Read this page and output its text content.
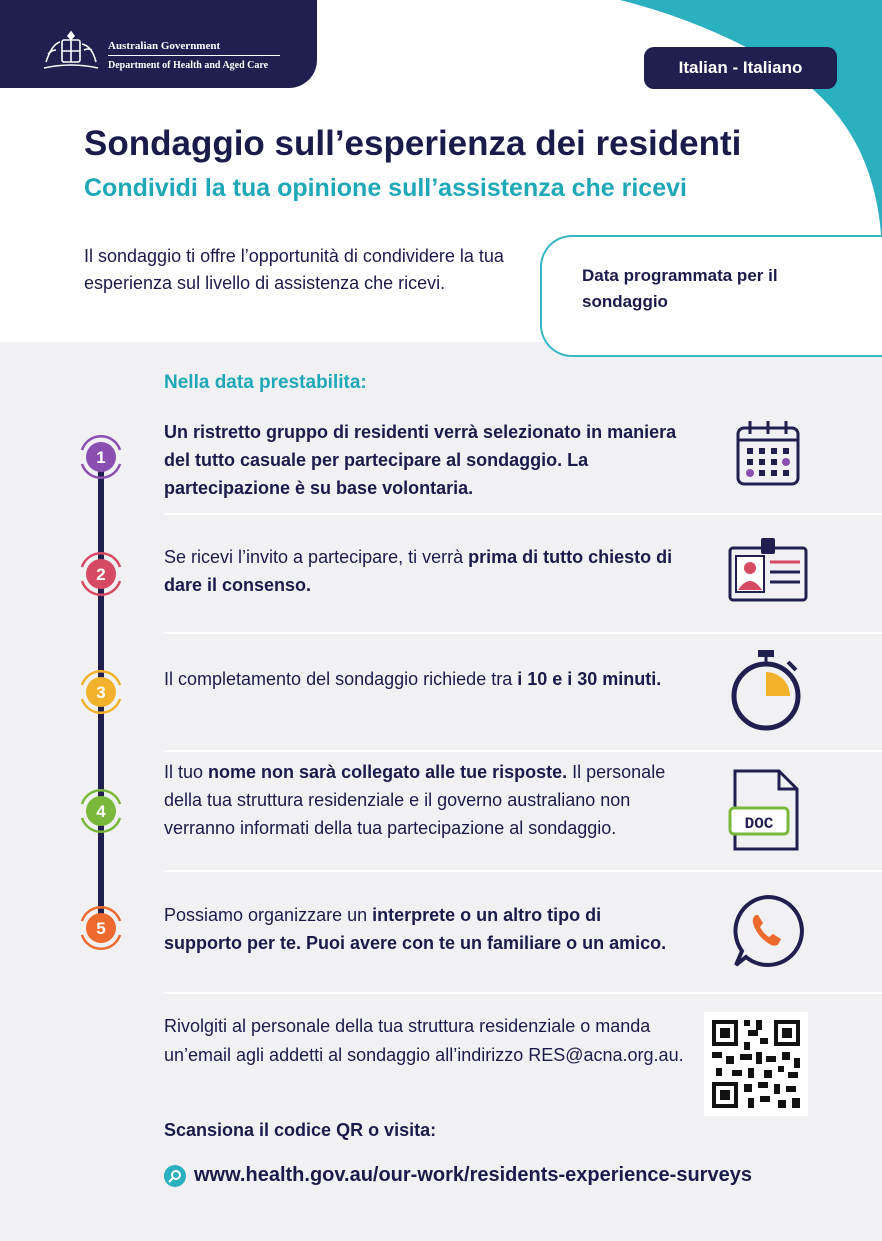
Australian Government
Department of Health and Aged Care	Italian - Italiano
Sondaggio sull’esperienza dei residenti
Condividi la tua opinione sull’assistenza che ricevi
Il sondaggio ti offre l’opportunità di condividere la tua esperienza sul livello di assistenza che ricevi.	Data programmata per il sondaggio
Nella data prestabilita:
1
2
3
4
5
Un ristretto gruppo di residenti verrà selezionato in maniera del tutto casuale per partecipare al sondaggio. La partecipazione è su base volontaria.
Se ricevi l’invito a partecipare, ti verrà prima di tutto chiesto di dare il consenso.
Il completamento del sondaggio richiede tra i 10 e i 30 minuti.
Il tuo nome non sarà collegato alle tue risposte. Il personale della tua struttura residenziale e il governo australiano non verranno informati della tua partecipazione al sondaggio.
Possiamo organizzare un interprete o un altro tipo di supporto per te. Puoi avere con te un familiare o un amico.
DOC
Rivolgiti al personale della tua struttura residenziale o manda un’email agli addetti al sondaggio all’indirizzo RES@acna.org.au.
Scansiona il codice QR o visita:
www.health.gov.au/our-work/residents-experience-surveys
